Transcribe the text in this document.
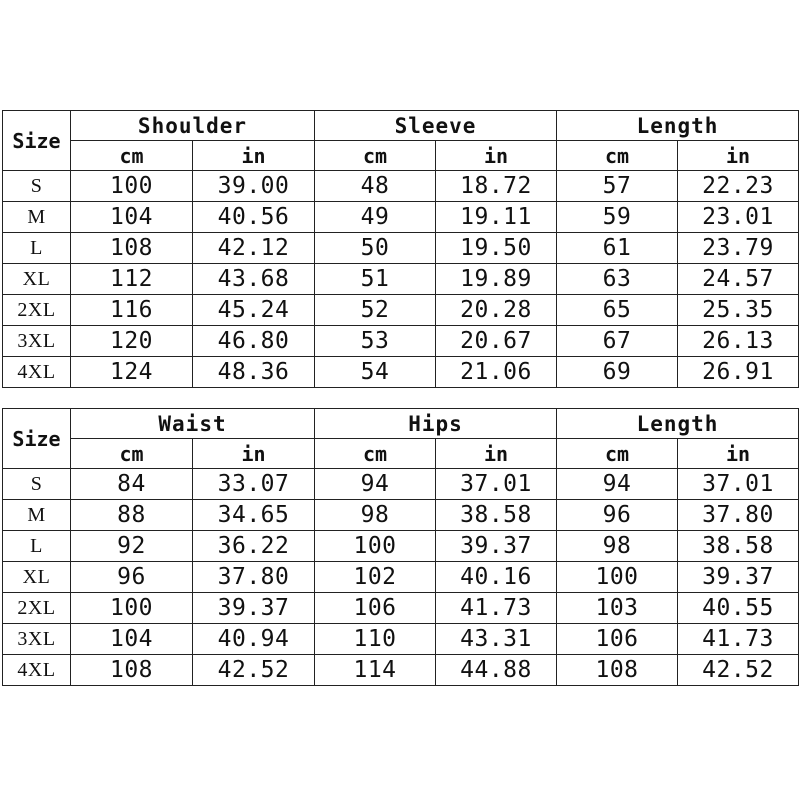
Size	Shoulder		Sleeve		Length	
	cm	in	cm	in	cm	in
S	100	39.00	48	18.72	57	22.23
M	104	40.56	49	19.11	59	23.01
L	108	42.12	50	19.50	61	23.79
XL	112	43.68	51	19.89	63	24.57
2XL	116	45.24	52	20.28	65	25.35
3XL	120	46.80	53	20.67	67	26.13
4XL	124	48.36	54	21.06	69	26.91
Size	Waist		Hips		Length	
	cm	in	cm	in	cm	in
S	84	33.07	94	37.01	94	37.01
M	88	34.65	98	38.58	96	37.80
L	92	36.22	100	39.37	98	38.58
XL	96	37.80	102	40.16	100	39.37
2XL	100	39.37	106	41.73	103	40.55
3XL	104	40.94	110	43.31	106	41.73
4XL	108	42.52	114	44.88	108	42.52
